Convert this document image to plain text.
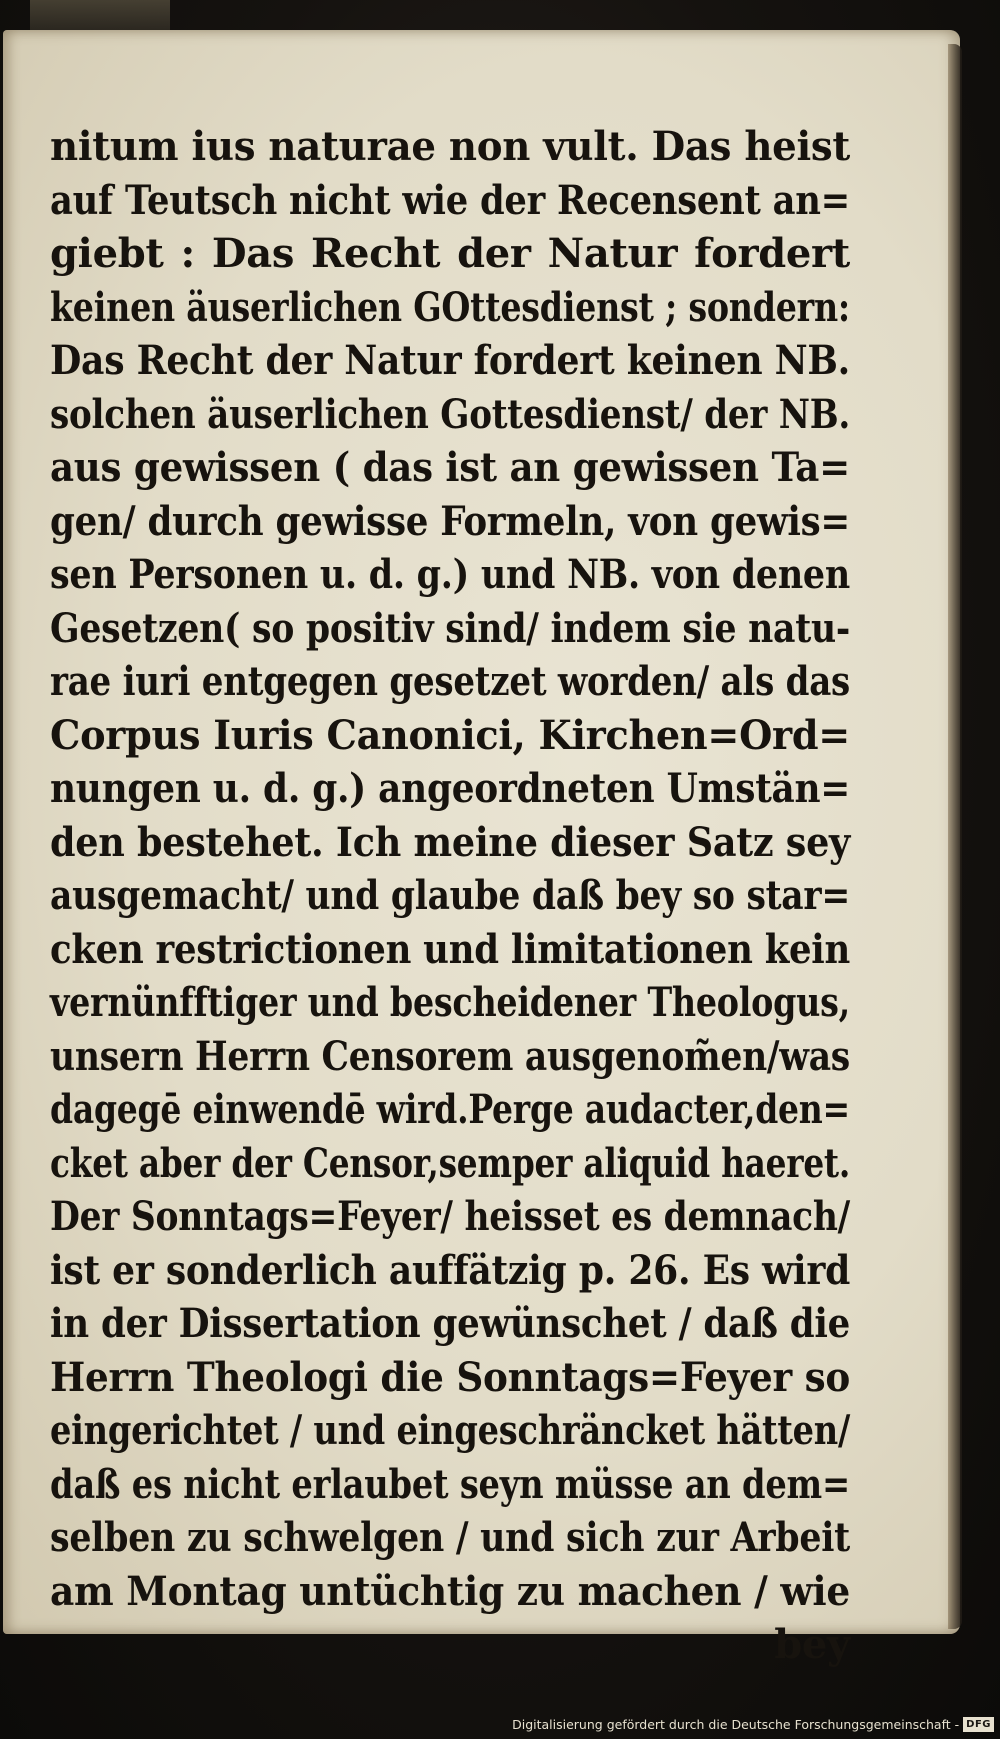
nitum ius naturae non vult. Das heist
auf Teutsch nicht wie der Recensent an=
giebt : Das Recht der Natur fordert
keinen äuserlichen GOttesdienst ; sondern:
Das Recht der Natur fordert keinen NB.
solchen äuserlichen Gottesdienst/ der NB.
aus gewissen ( das ist an gewissen Ta=
gen/ durch gewisse Formeln, von gewis=
sen Personen u. d. g.) und NB. von denen
Gesetzen( so positiv sind/ indem sie natu-
rae iuri entgegen gesetzet worden/ als das
Corpus Iuris Canonici, Kirchen=Ord=
nungen u. d. g.) angeordneten Umstän=
den bestehet. Ich meine dieser Satz sey
ausgemacht/ und glaube daß bey so star=
cken restrictionen und limitationen kein
vernünfftiger und bescheidener Theologus,
unsern Herrn Censorem ausgenom̃en/was
dagegē einwendē wird.Perge audacter,den=
cket aber der Censor,semper aliquid haeret.
Der Sonntags=Feyer/ heisset es demnach/
ist er sonderlich auffätzig p. 26. Es wird
in der Dissertation gewünschet / daß die
Herrn Theologi die Sonntags=Feyer so
eingerichtet / und eingeschräncket hätten/
daß es nicht erlaubet seyn müsse an dem=
selben zu schwelgen / und sich zur Arbeit
am Montag untüchtig zu machen / wie
bey
Digitalisierung gefördert durch die Deutsche Forschungsgemeinschaft - DFG
